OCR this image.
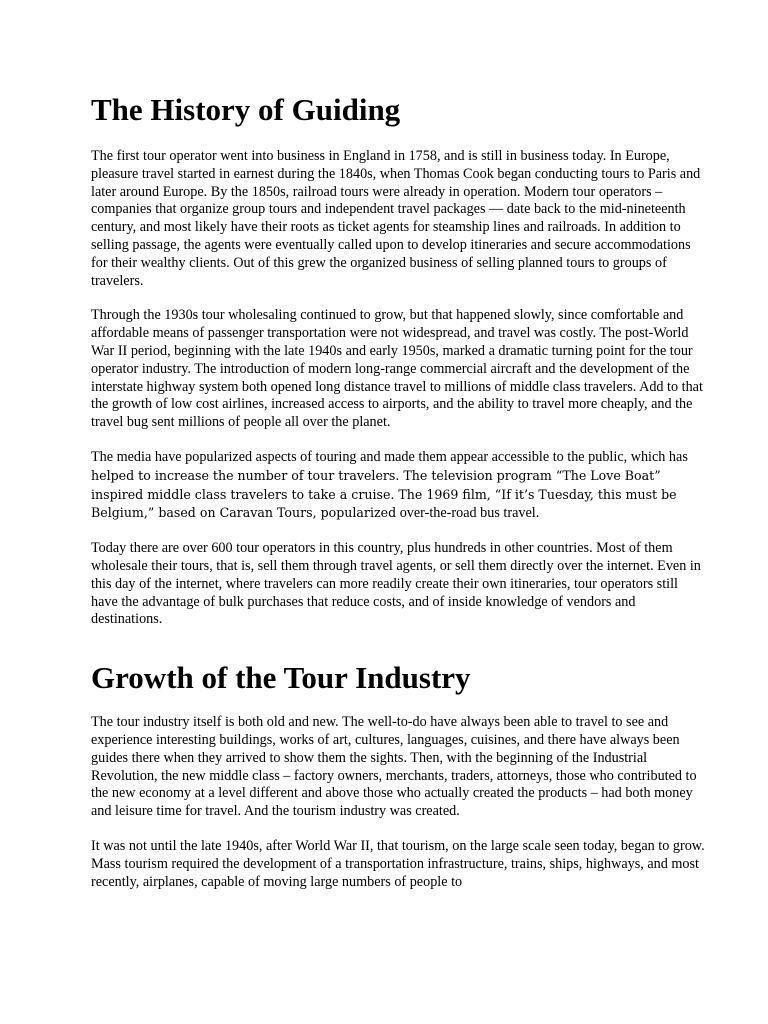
The History of Guiding

The first tour operator went into business in England in 1758, and is still in business today. In Europe, pleasure travel started in earnest during the 1840s, when Thomas Cook began conducting tours to Paris and later around Europe. By the 1850s, railroad tours were already in operation. Modern tour operators – companies that organize group tours and independent travel packages — date back to the mid-nineteenth century, and most likely have their roots as ticket agents for steamship lines and railroads. In addition to selling passage, the agents were eventually called upon to develop itineraries and secure accommodations for their wealthy clients. Out of this grew the organized business of selling planned tours to groups of travelers.

Through the 1930s tour wholesaling continued to grow, but that happened slowly, since comfortable and affordable means of passenger transportation were not widespread, and travel was costly. The post-World War II period, beginning with the late 1940s and early 1950s, marked a dramatic turning point for the tour operator industry. The introduction of modern long-range commercial aircraft and the development of the interstate highway system both opened long distance travel to millions of middle class travelers. Add to that the growth of low cost airlines, increased access to airports, and the ability to travel more cheaply, and the travel bug sent millions of people all over the planet.

The media have popularized aspects of touring and made them appear accessible to the public, which has helped to increase the number of tour travelers. The television program “The Love Boat” inspired middle class travelers to take a cruise. The 1969 film, “If it’s Tuesday, this must be Belgium,” based on Caravan Tours, popularized over-the-road bus travel.

Today there are over 600 tour operators in this country, plus hundreds in other countries. Most of them wholesale their tours, that is, sell them through travel agents, or sell them directly over the internet. Even in this day of the internet, where travelers can more readily create their own itineraries, tour operators still have the advantage of bulk purchases that reduce costs, and of inside knowledge of vendors and destinations.

Growth of the Tour Industry

The tour industry itself is both old and new. The well-to-do have always been able to travel to see and experience interesting buildings, works of art, cultures, languages, cuisines, and there have always been guides there when they arrived to show them the sights. Then, with the beginning of the Industrial Revolution, the new middle class – factory owners, merchants, traders, attorneys, those who contributed to the new economy at a level different and above those who actually created the products – had both money and leisure time for travel. And the tourism industry was created.

It was not until the late 1940s, after World War II, that tourism, on the large scale seen today, began to grow. Mass tourism required the development of a transportation infrastructure, trains, ships, highways, and most recently, airplanes, capable of moving large numbers of people to
